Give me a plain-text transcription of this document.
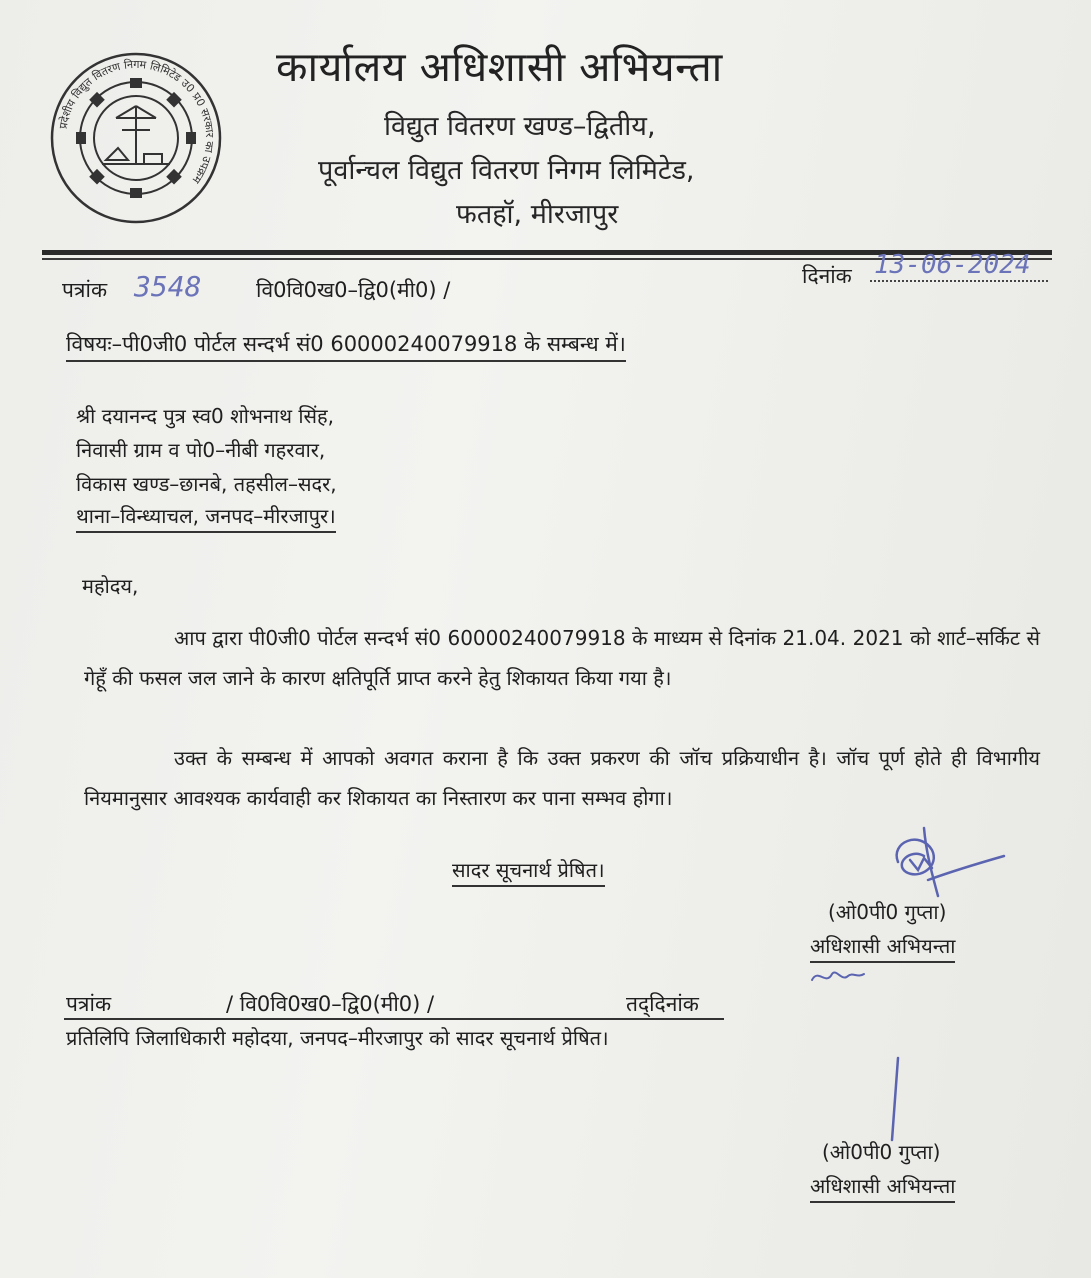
प्रदेशीय विद्युत वितरण निगम लिमिटेड उ0 प्र0 सरकार का उपक्रम
कार्यालय अधिशासी अभियन्ता
विद्युत वितरण खण्ड–द्वितीय,
पूर्वान्चल विद्युत वितरण निगम लिमिटेड,
फतहॉ, मीरजापुर
पत्रांक 3548	वि0वि0ख0–द्वि0(मी0) /
दिनांक 13-06-2024
विषयः–पी0जी0 पोर्टल सन्दर्भ सं0 60000240079918 के सम्बन्ध में।
श्री दयानन्द पुत्र स्व0 शोभनाथ सिंह,
निवासी ग्राम व पो0–नीबी गहरवार,
विकास खण्ड–छानबे, तहसील–सदर,
थाना–विन्ध्याचल, जनपद–मीरजापुर।
महोदय,
आप द्वारा पी0जी0 पोर्टल सन्दर्भ सं0 60000240079918 के माध्यम से दिनांक 21.04. 2021 को शार्ट–सर्किट से गेहूँ की फसल जल जाने के कारण क्षतिपूर्ति प्राप्त करने हेतु शिकायत किया गया है।
उक्त के सम्बन्ध में आपको अवगत कराना है कि उक्त प्रकरण की जॉच प्रक्रियाधीन है। जॉच पूर्ण होते ही विभागीय नियमानुसार आवश्यक कार्यवाही कर शिकायत का निस्तारण कर पाना सम्भव होगा।
सादर सूचनार्थ प्रेषित।
(ओ0पी0 गुप्ता)
अधिशासी अभियन्ता
पत्रांक	/ वि0वि0ख0–द्वि0(मी0) /	तद्‌दिनांक
प्रतिलिपि जिलाधिकारी महोदया, जनपद–मीरजापुर को सादर सूचनार्थ प्रेषित।
(ओ0पी0 गुप्ता)
अधिशासी अभियन्ता
